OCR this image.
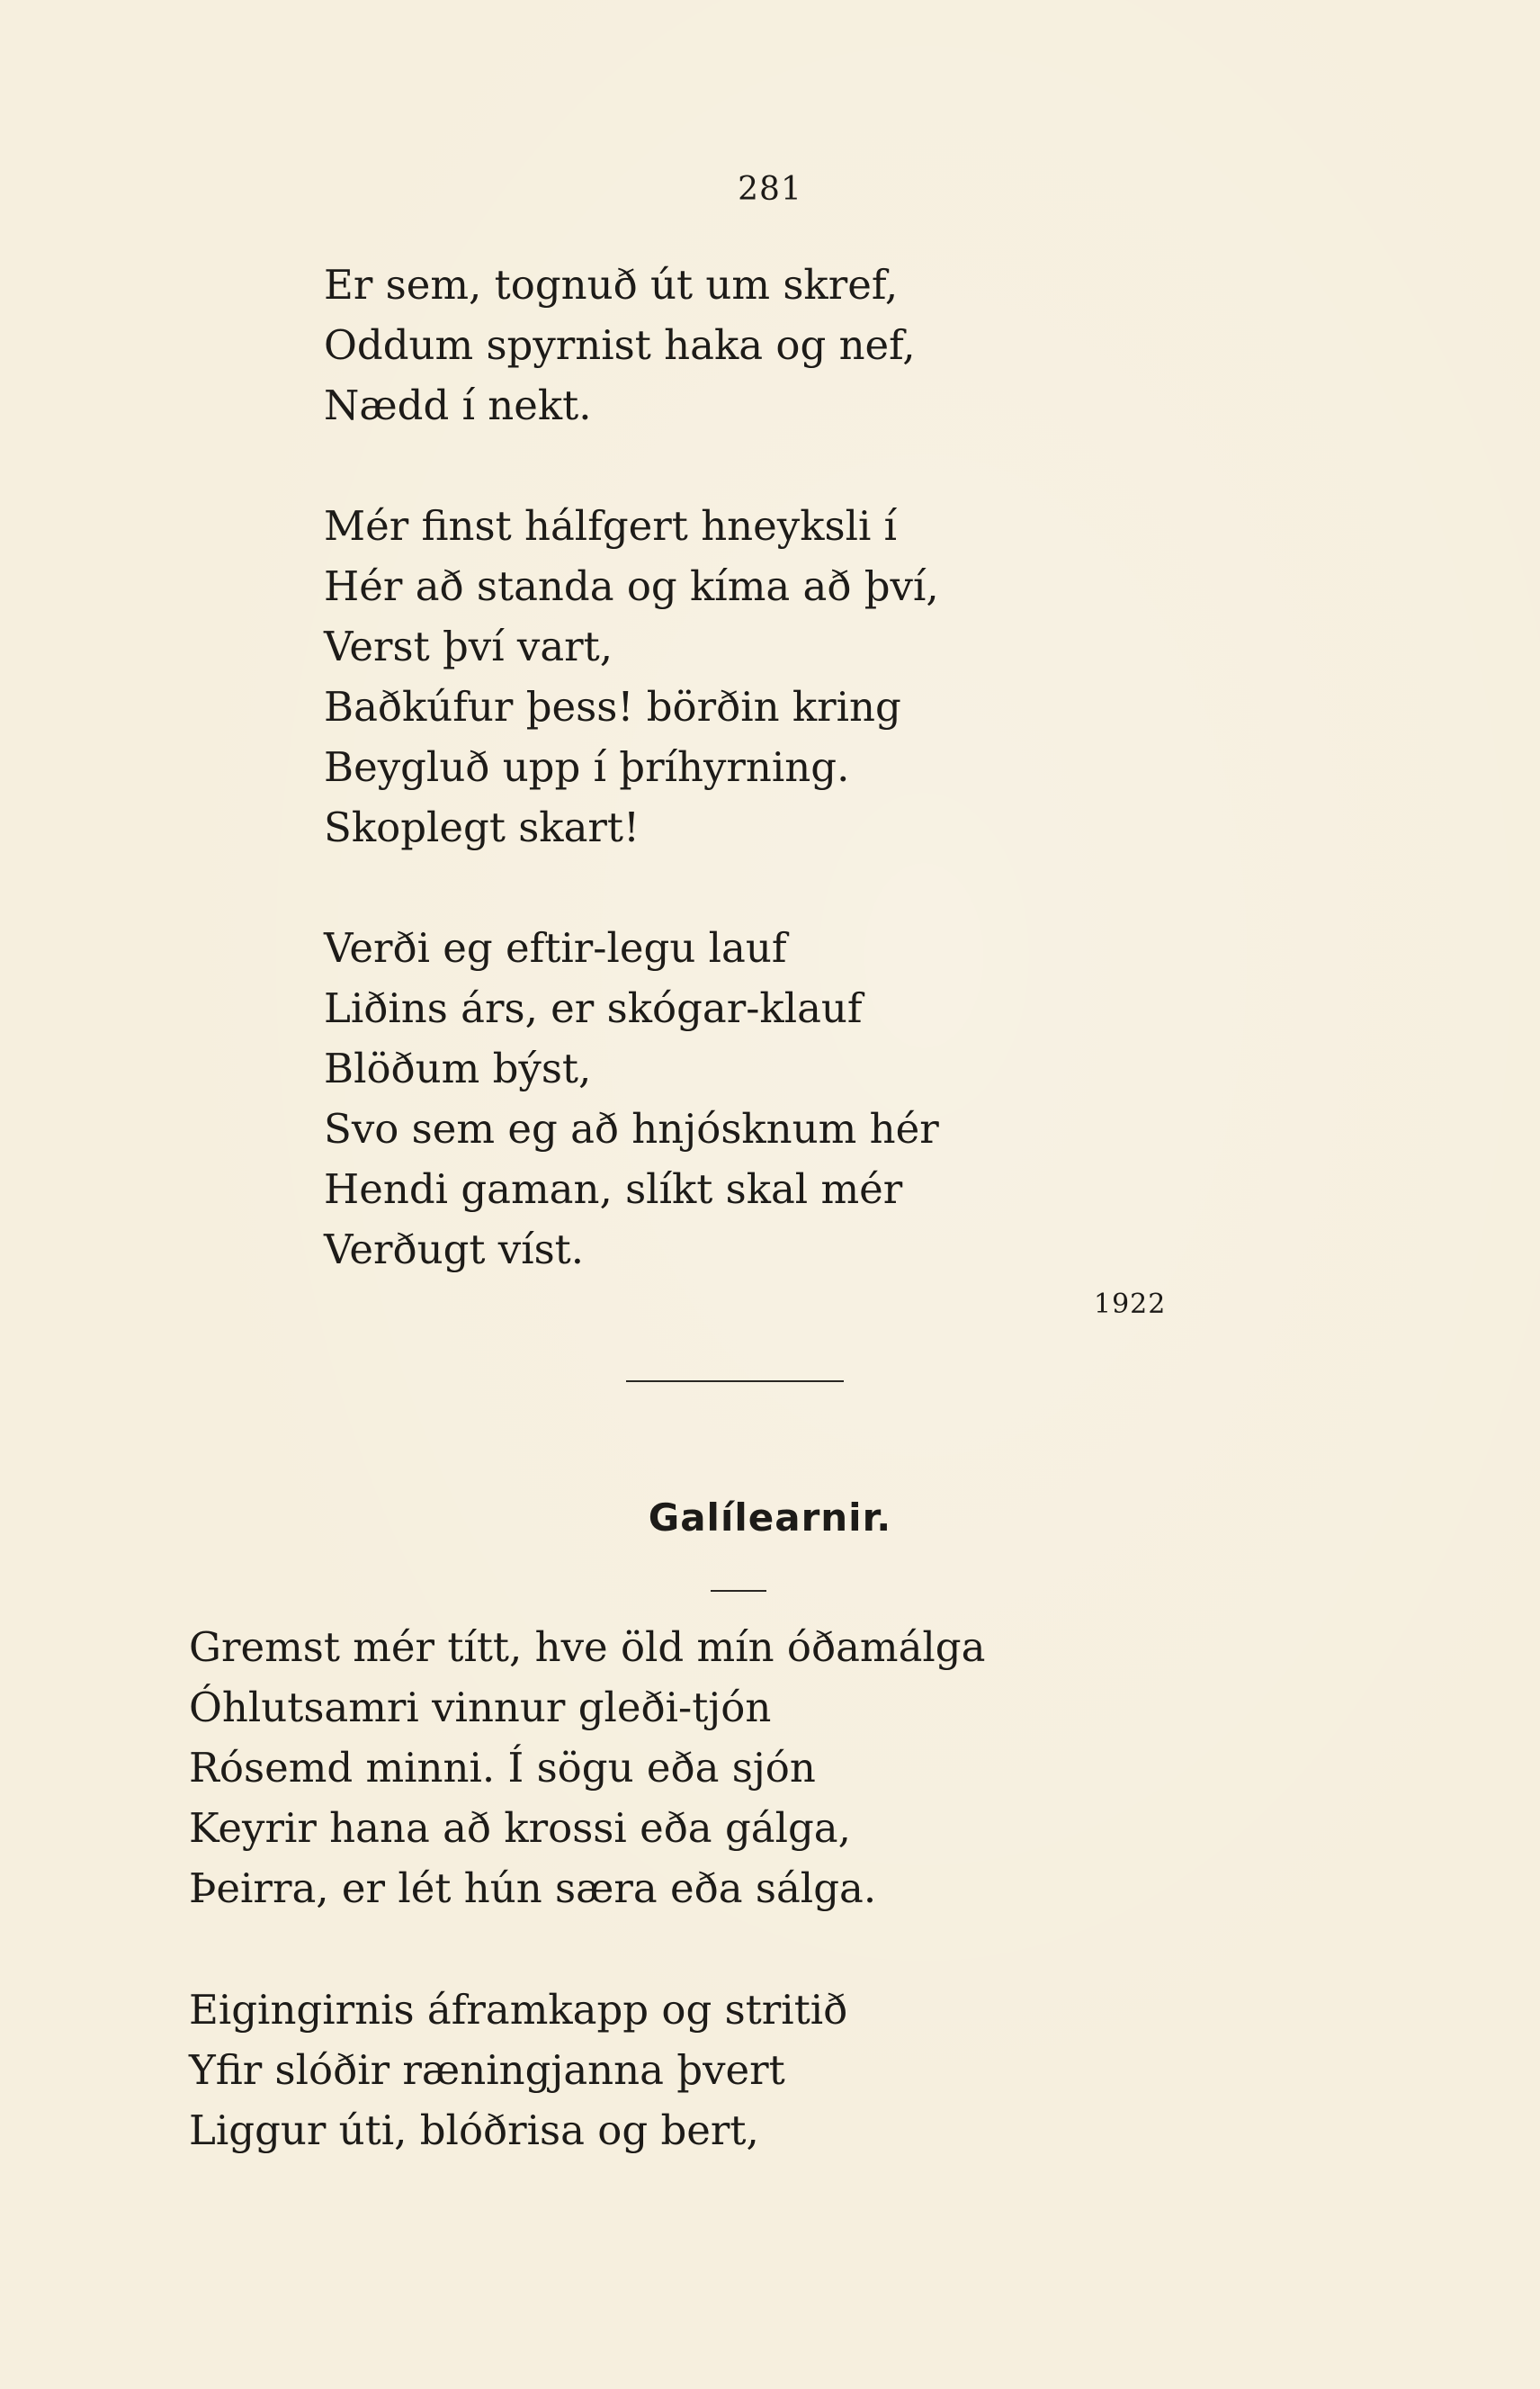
281
Er sem, tognuð út um skref,
Oddum spyrnist haka og nef,
Nædd í nekt.
Mér finst hálfgert hneyksli í
Hér að standa og kíma að því,
Verst því vart,
Baðkúfur þess! börðin kring
Beygluð upp í þríhyrning.
Skoplegt skart!
Verði eg eftir-legu lauf
Liðins árs, er skógar-klauf
Blöðum býst,
Svo sem eg að hnjósknum hér
Hendi gaman, slíkt skal mér
Verðugt víst.
1922
Galílearnir.
Gremst mér títt, hve öld mín óðamálga
Óhlutsamri vinnur gleði-tjón
Rósemd minni. Í sögu eða sjón
Keyrir hana að krossi eða gálga,
Þeirra, er lét hún særa eða sálga.
Eigingirnis áframkapp og stritið
Yfir slóðir ræningjanna þvert
Liggur úti, blóðrisa og bert,
